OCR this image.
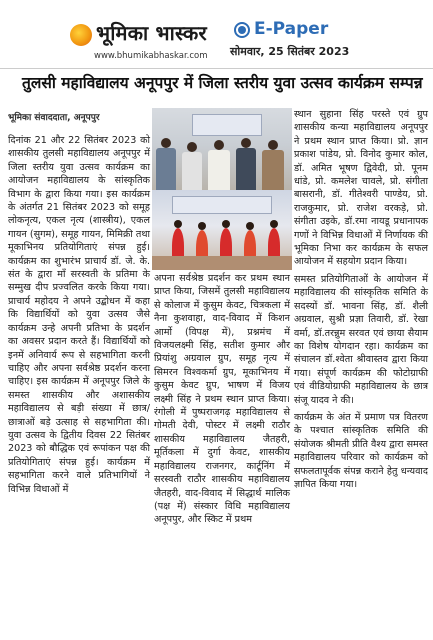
भूमिका भास्कर
www.bhumikabhaskar.com
E-Paper
सोमवार, 25 सितंबर 2023
तुलसी महाविद्यालय अनूपपुर में जिला स्तरीय युवा उत्सव कार्यक्रम सम्पन्न
भूमिका संवाददाता, अनूपपुर

दिनांक 21 और 22 सितंबर 2023 को शासकीय तुलसी महाविद्यालय अनूपपुर में जिला स्तरीय युवा उत्सव कार्यक्रम का आयोजन महाविद्यालय के सांस्कृतिक विभाग के द्वारा किया गया। इस कार्यक्रम के अंतर्गत 21 सितंबर 2023 को समूह लोकनृत्य, एकल नृत्य (शास्त्रीय), एकल गायन (सुगम), समूह गायन, मिमिक्री तथा मूकाभिनय प्रतियोगिताएं संपन्न हुई। कार्यक्रम का शुभारंभ प्राचार्य डॉ. जे. के. संत के द्वारा माँ सरस्वती के प्रतिमा के सम्मुख दीप प्रज्वलित करके किया गया। प्राचार्य महोदय ने अपने उद्बोधन में कहा कि विद्यार्थियों को युवा उत्सव जैसे कार्यक्रम उन्हे अपनी प्रतिभा के प्रदर्शन का अवसर प्रदान करते हैं। विद्यार्थियों को इनमें अनिवार्य रूप से सहभागिता करनी चाहिए और अपना सर्वश्रेष्ठ प्रदर्शन करना चाहिए। इस कार्यक्रम में अनूपपुर जिले के समस्त शासकीय और अशासकीय महाविद्यालय से बड़ी संख्या में छात्र/छात्राओं बड़े उत्साह से सहभागिता की। युवा उत्सव के द्वितीय दिवस 22 सितंबर 2023 को बौद्धिक एवं रूपांकन पक्ष की प्रतियोगिताएं संपन्न हुई। कार्यक्रम में सहभागिता करने वाले प्रतिभागियों ने विभिन्न विधाओं में

अपना सर्वश्रेष्ठ प्रदर्शन कर प्रथम स्थान प्राप्त किया, जिसमें तुलसी महाविद्यालय से कोलाज में कुसुम केवट, चित्रकला में नैना कुशवाहा, वाद-विवाद में किशन आर्मो (विपक्ष में), प्रश्नमंच में विजयलक्ष्मी सिंह, सतीश कुमार और प्रियांशु अग्रवाल ग्रुप, समूह नृत्य में सिमरन विश्वकर्मा ग्रुप, मूकाभिनय में कुसुम केवट ग्रुप, भाषण में विजय लक्ष्मी सिंह ने प्रथम स्थान प्राप्त किया। रंगोली में पुष्पराजगढ़ महाविद्यालय से गोमती देवी, पोस्टर में लक्ष्मी राठौर शासकीय महाविद्यालय जैतहरी, मूर्तिकला में दुर्गा केवट, शासकीय महाविद्यालय राजनगर, कार्टूनिंग में सरस्वती राठौर शासकीय महाविद्यालय जैतहरी, वाद-विवाद में सिद्धार्थ मालिक (पक्ष में) संस्कार विधि महाविद्यालय अनूपपुर, और स्किट में प्रथम

स्थान सुहाना सिंह परस्ते एवं ग्रुप शासकीय कन्या महाविद्यालय अनूपपुर ने प्रथम स्थान प्राप्त किया। प्रो. ज्ञान प्रकाश पांडेय, प्रो. विनोद कुमार कोल, डॉ. अमित भूषण द्विवेदी, प्रो. पूनम धांडे, प्रो. कमलेश चावले, प्रो. संगीता बासरानी, डॉ. गीतेश्वरी पाण्डेय, प्रो. राजकुमार, प्रो. राजेश वरकड़े, प्रो. संगीता उइके, डॉ.रमा नायडू प्रधानापक गणों ने विभिन्न विधाओं में निर्णायक की भूमिका निभा कर कार्यक्रम के सफल आयोजन में सहयोग प्रदान किया।

समस्त प्रतियोगिताओं के आयोजन में महाविद्यालय की सांस्कृतिक समिति के सदस्यों डॉ. भावना सिंह, डॉ. शैली अग्रवाल, सुश्री प्रज्ञा तिवारी, डॉ. रेखा वर्मा, डॉ.तरन्नुम सरवत एवं छाया सैयाम का विशेष योगदान रहा। कार्यक्रम का संचालन डॉ.श्वेता श्रीवास्तव द्वारा किया गया। संपूर्ण कार्यक्रम की फोटोग्राफी एवं वीडियोग्राफी महाविद्यालय के छात्र संजू यादव ने की।

कार्यक्रम के अंत में प्रमाण पत्र वितरण के पश्चात सांस्कृतिक समिति की संयोजक श्रीमती प्रीति वैश्य द्वारा समस्त महाविद्यालय परिवार को कार्यक्रम को सफलतापूर्वक संपन्न कराने हेतु धन्यवाद ज्ञापित किया गया।
